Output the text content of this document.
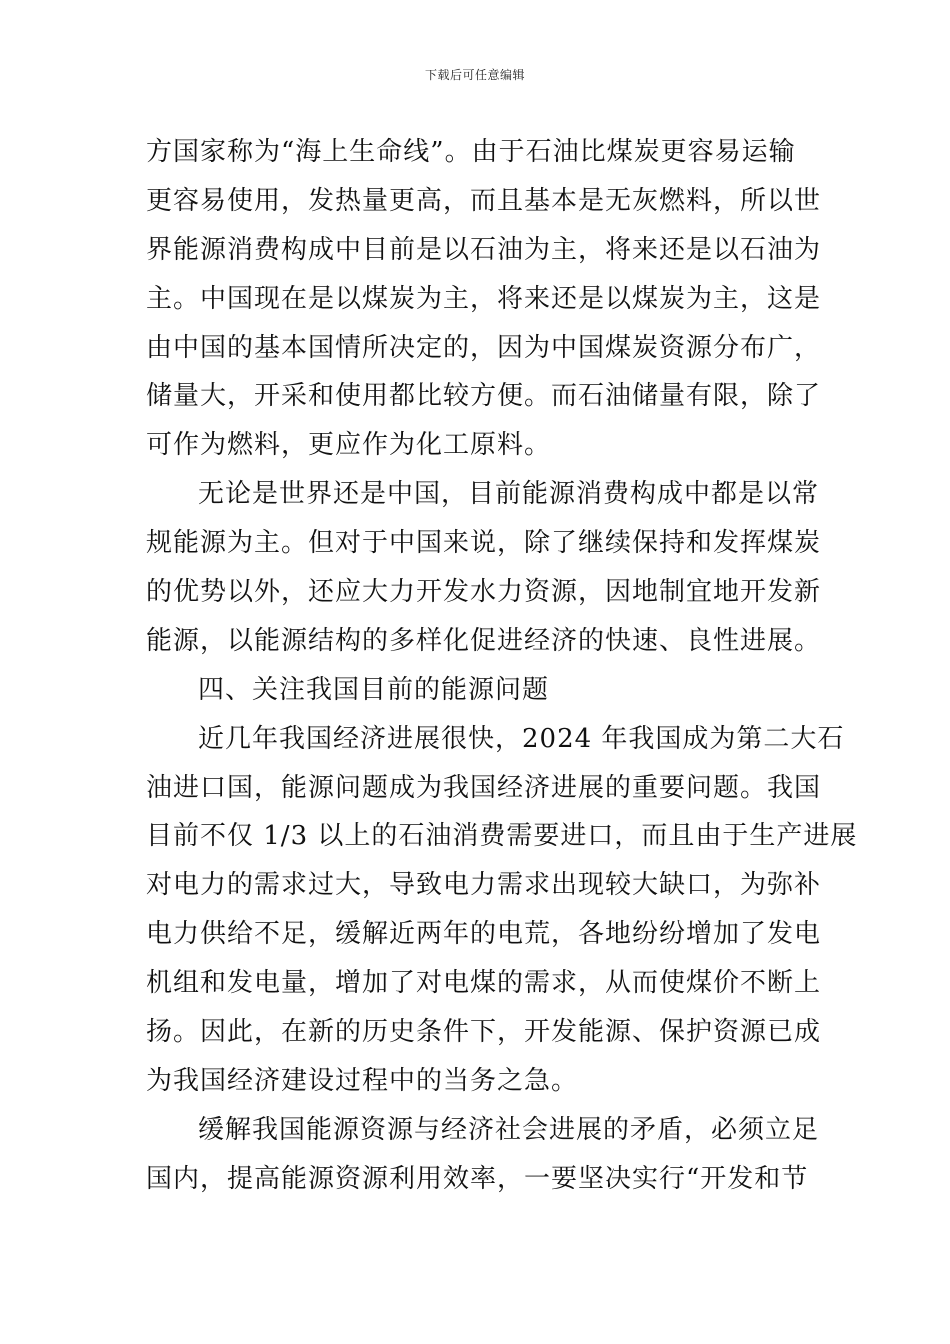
下载后可任意编辑
方国家称为“海上生命线”。由于石油比煤炭更容易运输
更容易使用，发热量更高，而且基本是无灰燃料，所以世
界能源消费构成中目前是以石油为主，将来还是以石油为
主。中国现在是以煤炭为主，将来还是以煤炭为主，这是
由中国的基本国情所决定的，因为中国煤炭资源分布广，
储量大，开采和使用都比较方便。而石油储量有限，除了
可作为燃料，更应作为化工原料。
无论是世界还是中国，目前能源消费构成中都是以常
规能源为主。但对于中国来说，除了继续保持和发挥煤炭
的优势以外，还应大力开发水力资源，因地制宜地开发新
能源，以能源结构的多样化促进经济的快速、良性进展。
四、关注我国目前的能源问题
近几年我国经济进展很快，2024 年我国成为第二大石
油进口国，能源问题成为我国经济进展的重要问题。我国
目前不仅 1/3 以上的石油消费需要进口，而且由于生产进展
对电力的需求过大，导致电力需求出现较大缺口，为弥补
电力供给不足，缓解近两年的电荒，各地纷纷增加了发电
机组和发电量，增加了对电煤的需求，从而使煤价不断上
扬。因此，在新的历史条件下，开发能源、保护资源已成
为我国经济建设过程中的当务之急。
缓解我国能源资源与经济社会进展的矛盾，必须立足
国内，提高能源资源利用效率，一要坚决实行“开发和节
